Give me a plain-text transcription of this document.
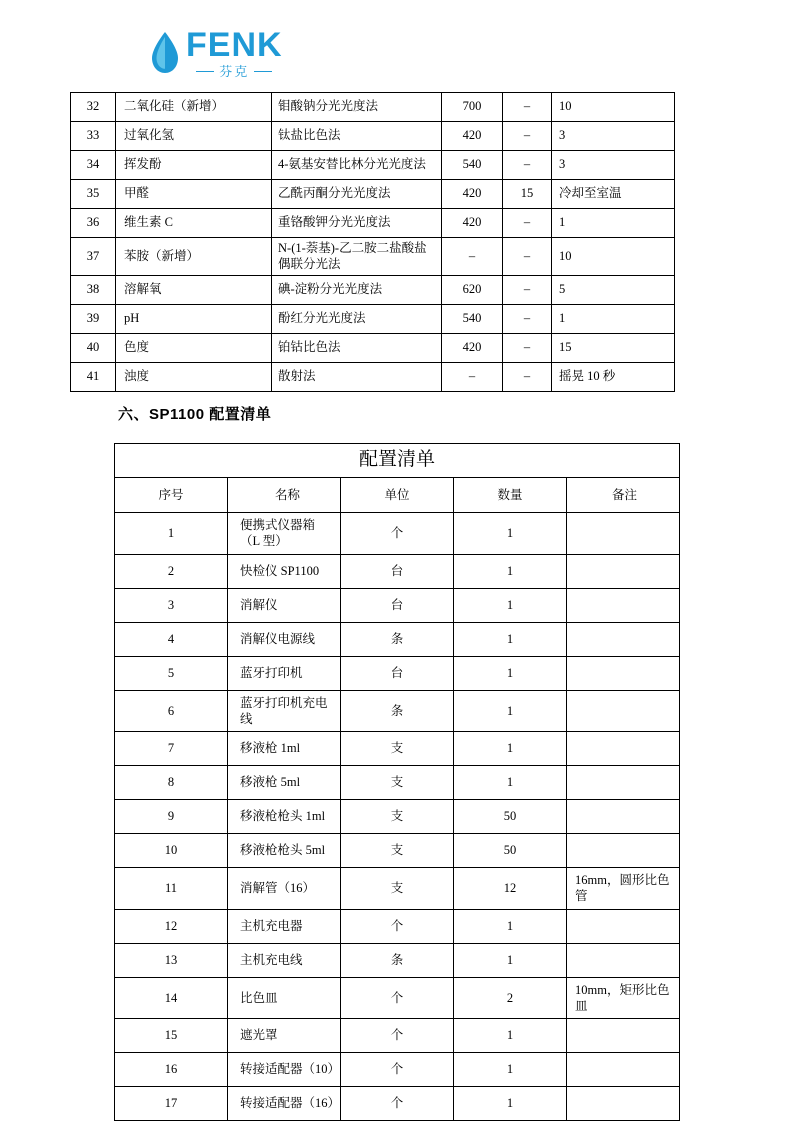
FENK
芬克
32	二氧化硅（新增）	钼酸钠分光光度法	700	–	10
33	过氧化氢	钛盐比色法	420	–	3
34	挥发酚	4-氨基安替比林分光光度法	540	–	3
35	甲醛	乙酰丙酮分光光度法	420	15	冷却至室温
36	维生素 C	重铬酸钾分光光度法	420	–	1
37	苯胺（新增）	N-(1-萘基)-乙二胺二盐酸盐偶联分光法	–	–	10
38	溶解氧	碘-淀粉分光光度法	620	–	5
39	pH	酚红分光光度法	540	–	1
40	色度	铂钴比色法	420	–	15
41	浊度	散射法	–	–	摇晃 10 秒
六、SP1100 配置清单
配置清单				
序号	名称	单位	数量	备注
1	便携式仪器箱（L 型）	个	1	
2	快检仪 SP1100	台	1	
3	消解仪	台	1	
4	消解仪电源线	条	1	
5	蓝牙打印机	台	1	
6	蓝牙打印机充电线	条	1	
7	移液枪 1ml	支	1	
8	移液枪 5ml	支	1	
9	移液枪枪头 1ml	支	50	
10	移液枪枪头 5ml	支	50	
11	消解管（16）	支	12	16mm，圆形比色管
12	主机充电器	个	1	
13	主机充电线	条	1	
14	比色皿	个	2	10mm，矩形比色皿
15	遮光罩	个	1	
16	转接适配器（10）	个	1	
17	转接适配器（16）	个	1	
